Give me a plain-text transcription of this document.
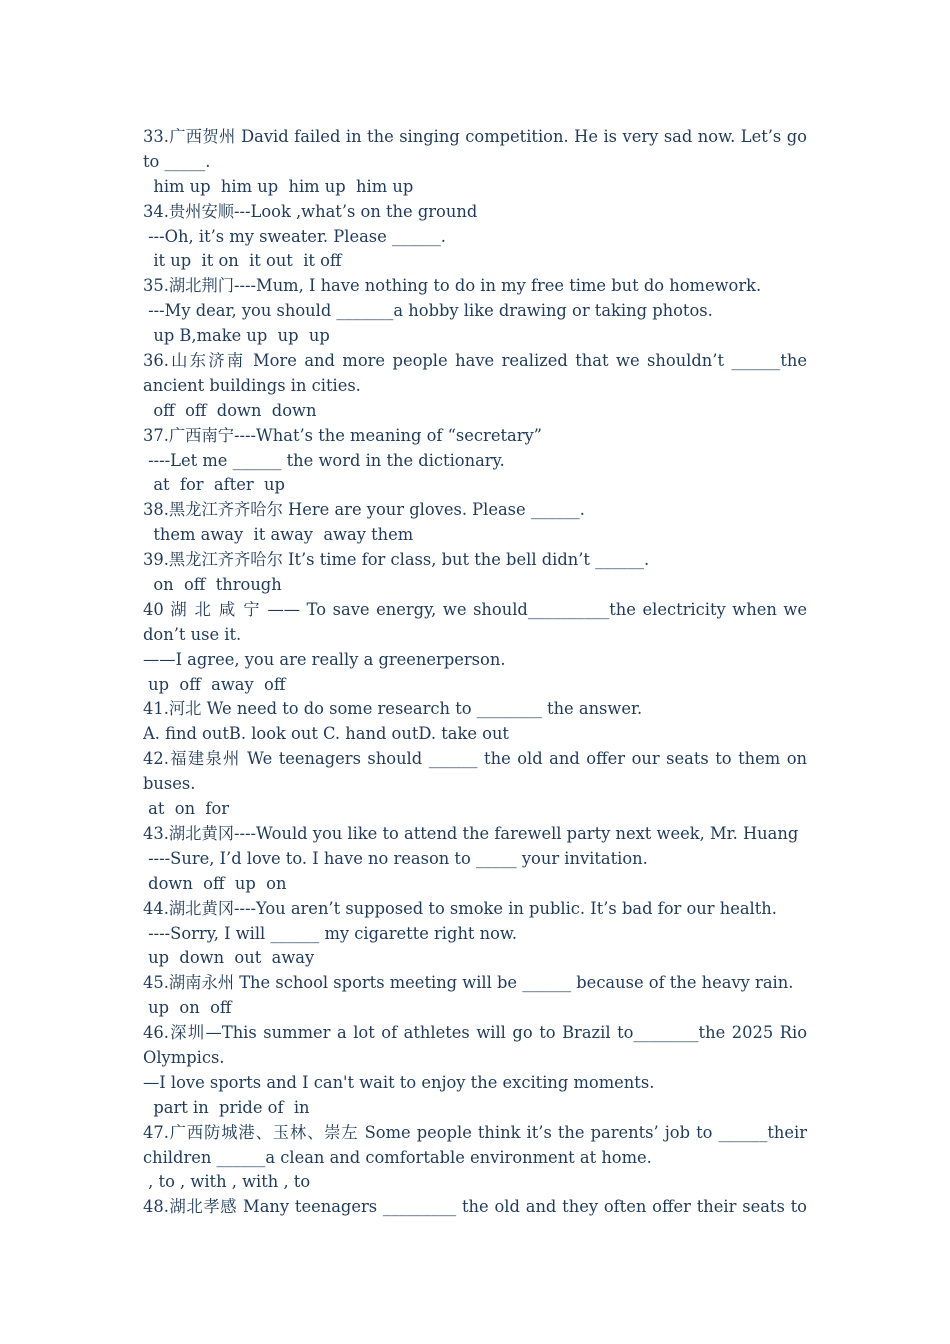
33.广西贺州 David failed in the singing competition. He is very sad now. Let’s go
to _____.
him up  him up  him up  him up
34.贵州安顺---Look ,what’s on the ground
---Oh, it’s my sweater. Please ______.
it up  it on  it out  it off
35.湖北荆门----Mum, I have nothing to do in my free time but do homework.
---My dear, you should _______a hobby like drawing or taking photos.
up B,make up  up  up
36.山东济南 More and more people have realized that we shouldn’t ______the
ancient buildings in cities.
off  off  down  down
37.广西南宁----What’s the meaning of “secretary”
----Let me ______ the word in the dictionary.
at  for  after  up
38.黑龙江齐齐哈尔 Here are your gloves. Please ______.
them away  it away  away them
39.黑龙江齐齐哈尔 It’s time for class, but the bell didn’t ______.
on  off  through
40 湖 北 咸 宁 —— To save energy, we should__________the electricity when we
don’t use it.
——I agree, you are really a greenerperson.
up  off  away  off
41.河北 We need to do some research to ________ the answer.
A. find outB. look out C. hand outD. take out
42.福建泉州 We teenagers should ______ the old and offer our seats to them on
buses.
at  on  for
43.湖北黄冈----Would you like to attend the farewell party next week, Mr. Huang
----Sure, I’d love to. I have no reason to _____ your invitation.
down  off  up  on
44.湖北黄冈----You aren’t supposed to smoke in public. It’s bad for our health.
----Sorry, I will ______ my cigarette right now.
up  down  out  away
45.湖南永州 The school sports meeting will be ______ because of the heavy rain.
up  on  off
46.深圳—This summer a lot of athletes will go to Brazil to________the 2025 Rio
Olympics.
—I love sports and I can't wait to enjoy the exciting moments.
part in  pride of  in
47.广西防城港、玉林、崇左 Some people think it’s the parents’ job to ______their
children ______a clean and comfortable environment at home.
, to , with , with , to
48.湖北孝感 Many teenagers _________ the old and they often offer their seats to
